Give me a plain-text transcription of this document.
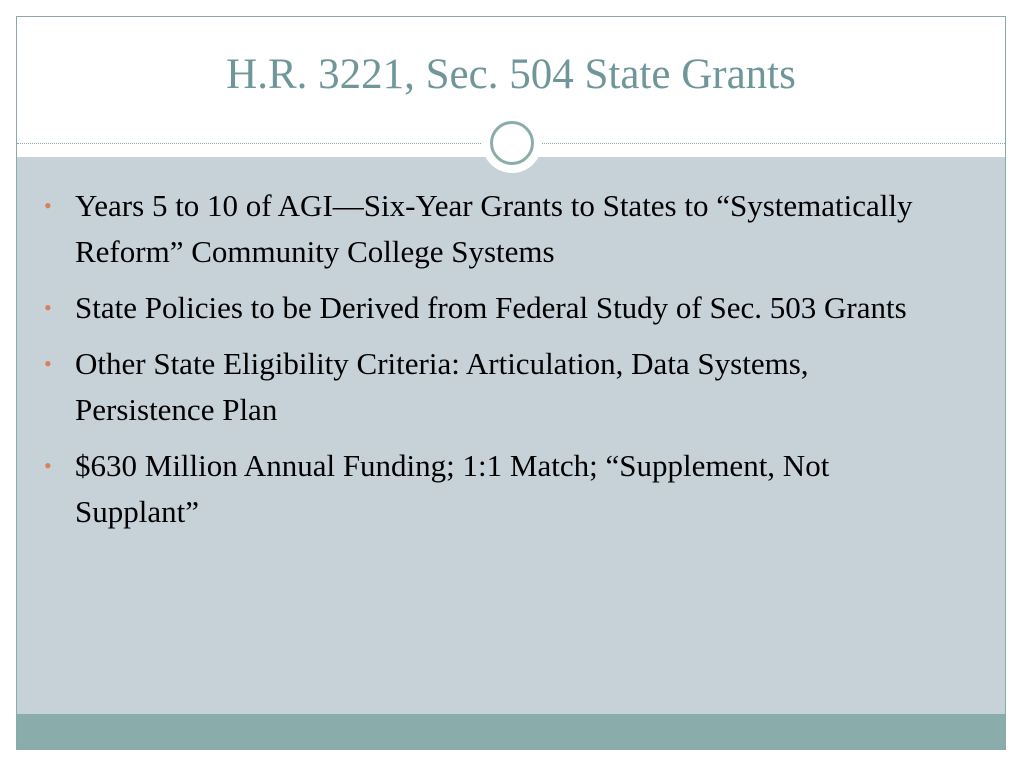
H.R. 3221, Sec. 504 State Grants
• Years 5 to 10 of AGI—Six-Year Grants to States to “Systematically Reform” Community College Systems
• State Policies to be Derived from Federal Study of Sec. 503 Grants
• Other State Eligibility Criteria: Articulation, Data Systems, Persistence Plan
• $630 Million Annual Funding; 1:1 Match; “Supplement, Not Supplant”
